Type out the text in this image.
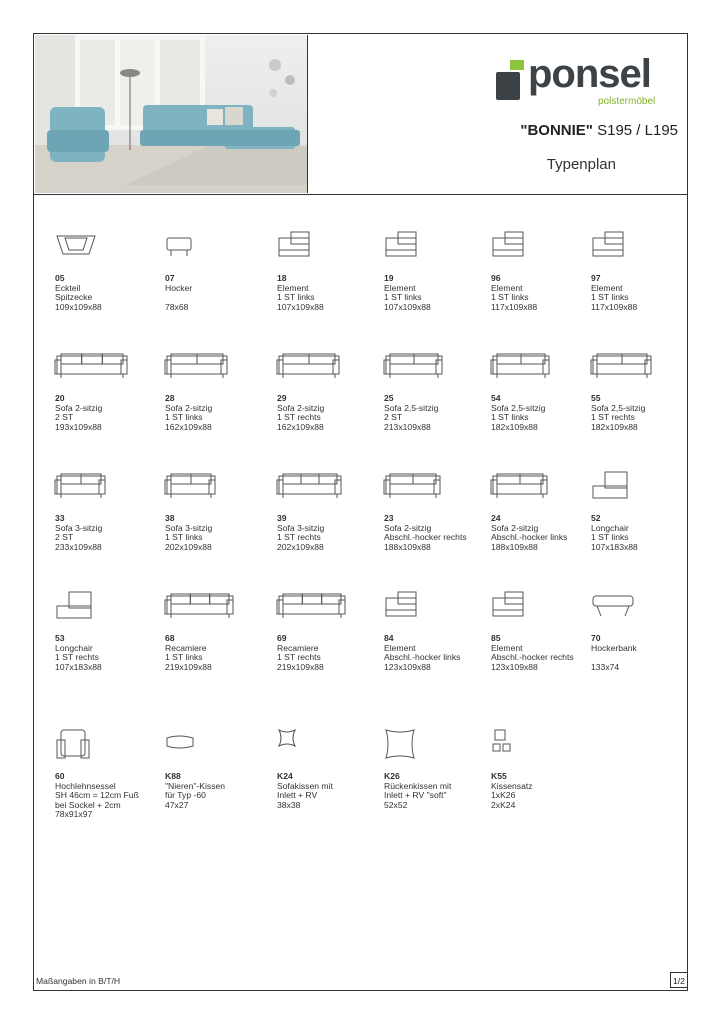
ponsel
polstermöbel
"BONNIE" S195 / L195
Typenplan
05
Eckteil
Spitzecke
109x109x88
07
Hocker

78x68
18
Element
1 ST links
107x109x88
19
Element
1 ST links
107x109x88
96
Element
1 ST links
117x109x88
97
Element
1 ST links
117x109x88
20
Sofa 2-sitzig
2 ST
193x109x88
28
Sofa 2-sitzig
1 ST links
162x109x88
29
Sofa 2-sitzig
1 ST rechts
162x109x88
25
Sofa 2,5-sitzig
2 ST
213x109x88
54
Sofa 2,5-sitzig
1 ST links
182x109x88
55
Sofa 2,5-sitzig
1 ST rechts
182x109x88
33
Sofa 3-sitzig
2 ST
233x109x88
38
Sofa 3-sitzig
1 ST links
202x109x88
39
Sofa 3-sitzig
1 ST rechts
202x109x88
23
Sofa 2-sitzig
Abschl.-hocker rechts
188x109x88
24
Sofa 2-sitzig
Abschl.-hocker links
188x109x88
52
Longchair
1 ST links
107x183x88
53
Longchair
1 ST rechts
107x183x88
68
Recamiere
1 ST links
219x109x88
69
Recamiere
1 ST rechts
219x109x88
84
Element
Abschl.-hocker links
123x109x88
85
Element
Abschl.-hocker rechts
123x109x88
70
Hockerbank

133x74
60
Hochlehnsessel
SH 46cm = 12cm Fuß
bei Sockel + 2cm
78x91x97
K88
"Nieren"-Kissen
für Typ -60
47x27
K24
Sofakissen mit
Inlett + RV
38x38
K26
Rückenkissen mit
Inlett + RV "soft"
52x52
K55
Kissensatz
1xK26
2xK24
Maßangaben in B/T/H	1/2
